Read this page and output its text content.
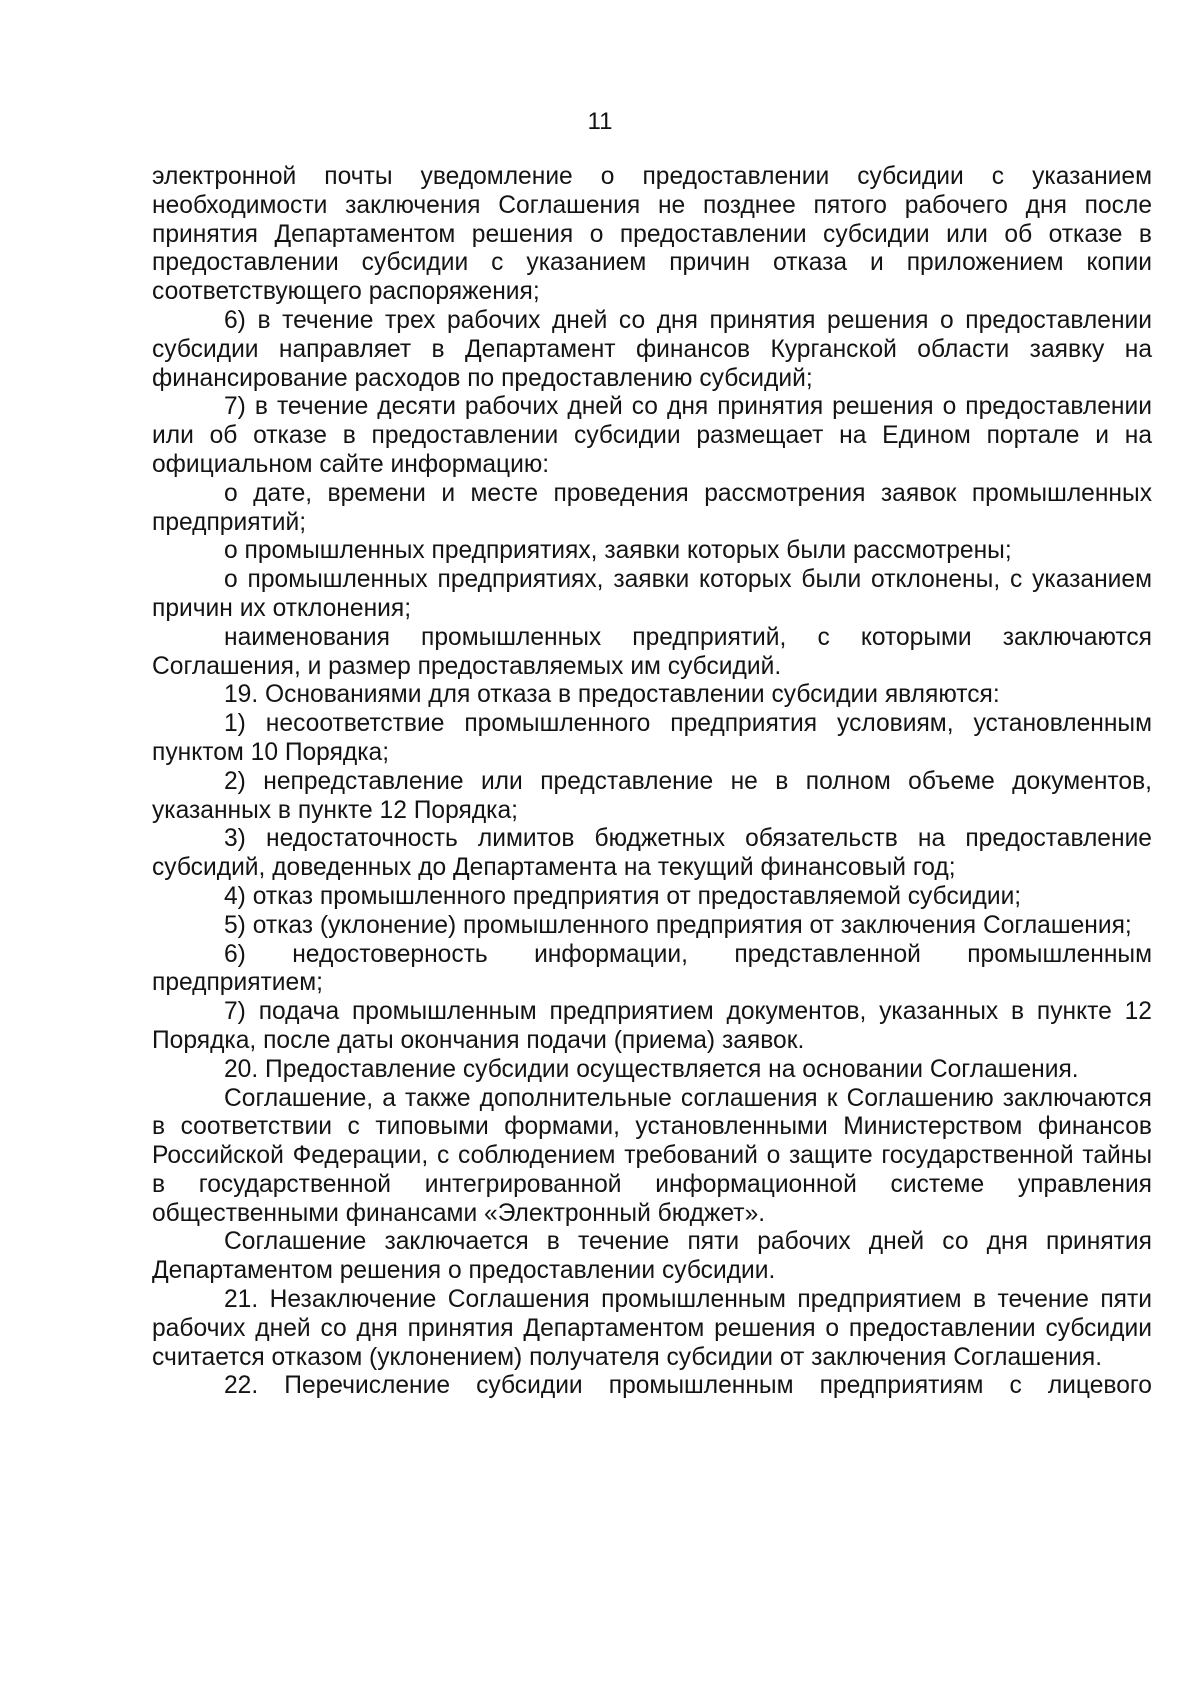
11

электронной почты уведомление о предоставлении субсидии с указанием необходимости заключения Соглашения не позднее пятого рабочего дня после принятия Департаментом решения о предоставлении субсидии или об отказе в предоставлении субсидии с указанием причин отказа и приложением копии соответствующего распоряжения;

6) в течение трех рабочих дней со дня принятия решения о предоставлении субсидии направляет в Департамент финансов Курганской области заявку на финансирование расходов по предоставлению субсидий;

7) в течение десяти рабочих дней со дня принятия решения о предоставлении или об отказе в предоставлении субсидии размещает на Едином портале и на официальном сайте информацию:

о дате, времени и месте проведения рассмотрения заявок промышленных предприятий;

о промышленных предприятиях, заявки которых были рассмотрены;

о промышленных предприятиях, заявки которых были отклонены, с указанием причин их отклонения;

наименования промышленных предприятий, с которыми заключаются Соглашения, и размер предоставляемых им субсидий.

19. Основаниями для отказа в предоставлении субсидии являются:

1) несоответствие промышленного предприятия условиям, установленным пунктом 10 Порядка;

2) непредставление или представление не в полном объеме документов, указанных в пункте 12 Порядка;

3) недостаточность лимитов бюджетных обязательств на предоставление субсидий, доведенных до Департамента на текущий финансовый год;

4) отказ промышленного предприятия от предоставляемой субсидии;

5) отказ (уклонение) промышленного предприятия от заключения Соглашения;

6) недостоверность информации, представленной промышленным предприятием;

7) подача промышленным предприятием документов, указанных в пункте 12 Порядка, после даты окончания подачи (приема) заявок.

20. Предоставление субсидии осуществляется на основании Соглашения.

Соглашение, а также дополнительные соглашения к Соглашению заключаются в соответствии с типовыми формами, установленными Министерством финансов Российской Федерации, с соблюдением требований о защите государственной тайны в государственной интегрированной информационной системе управления общественными финансами «Электронный бюджет».

Соглашение заключается в течение пяти рабочих дней со дня принятия Департаментом решения о предоставлении субсидии.

21. Незаключение Соглашения промышленным предприятием в течение пяти рабочих дней со дня принятия Департаментом решения о предоставлении субсидии считается отказом (уклонением) получателя субсидии от заключения Соглашения.

22. Перечисление субсидии промышленным предприятиям с лицевого
